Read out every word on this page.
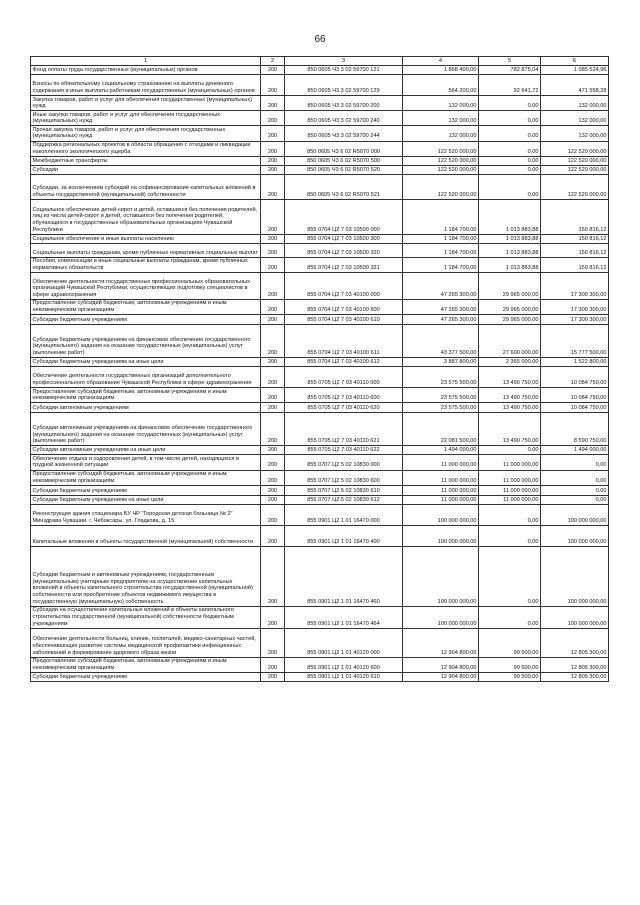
66
1	2	3	4	5	6
Фонд оплаты труда государственных (муниципальных) органов	200	850 0605 Ч3 3 02 59700 121	1 868 400,00	782 875,04	1 085 524,96
Взносы по обязательному социальному страхованию на выплаты денежного содержания и иные выплаты работникам государственных (муниципальных) органов	200	850 0605 Ч3 3 02 59700 129	564 200,00	92 641,72	471 558,28
Закупка товаров, работ и услуг для обеспечения государственных (муниципальных) нужд	200	850 0605 Ч3 3 02 59700 200	132 000,00	0,00	132 000,00
Иные закупки товаров, работ и услуг для обеспечения государственных (муниципальных) нужд	200	850 0605 Ч3 3 02 59700 240	132 000,00	0,00	132 000,00
Прочая закупка товаров, работ и услуг для обеспечения государственных (муниципальных) нужд	200	850 0605 Ч3 3 02 59700 244	132 000,00	0,00	132 000,00
Поддержка региональных проектов в области обращения с отходами и ликвидации накопленного экологического ущерба	200	850 0605 Ч3 6 02 R5070 000	122 520 000,00	0,00	122 520 000,00
Межбюджетные трансферты	200	850 0605 Ч3 6 02 R5070 500	122 520 000,00	0,00	122 520 000,00
Субсидии	200	850 0605 Ч3 6 02 R5070 520	122 520 000,00	0,00	122 520 000,00
Субсидии, за исключением субсидий на софинансирование капитальных вложений в объекты государственной (муниципальной) собственности	200	850 0605 Ч3 6 02 R5070 521	122 520 000,00	0,00	122 520 000,00
Социальное обеспечение детей-сирот и детей, оставшихся без попечения родителей, лиц из числа детей-сирот и детей, оставшихся без попечения родителей, обучающихся в государственных образовательных организациях Чувашской Республики	200	855 0704 Ц2 7 03 10500 000	1 184 700,00	1 013 883,88	150 816,12
Социальное обеспечение и иные выплаты населению	200	855 0704 Ц2 7 03 10500 300	1 184 700,00	1 013 883,88	150 816,12
Социальные выплаты гражданам, кроме публичных нормативных социальных выплат	200	855 0704 Ц2 7 03 10500 320	1 184 700,00	1 013 883,88	150 816,12
Пособия, компенсации и иные социальные выплаты гражданам, кроме публичных нормативных обязательств	200	855 0704 Ц2 7 03 10500 321	1 184 700,00	1 013 883,88	150 816,12
Обеспечение деятельности государственных профессиональных образовательных организаций Чувашской Республики, осуществляющих подготовку специалистов в сфере здравоохранения	200	855 0704 Ц2 7 03 40100 000	47 265 300,00	29 965 000,00	17 300 300,00
Предоставление субсидий бюджетным, автономным учреждениям и иным некоммерческим организациям	200	855 0704 Ц2 7 03 40100 600	47 265 300,00	29 965 000,00	17 300 300,00
Субсидии бюджетным учреждениям	200	855 0704 Ц2 7 03 40100 610	47 265 300,00	29 965 000,00	17 300 300,00
Субсидии бюджетным учреждениям на финансовое обеспечение государственного (муниципального) задания на оказание государственных (муниципальных) услуг (выполнение работ)	200	855 0704 Ц2 7 03 40100 611	43 377 500,00	27 600 000,00	15 777 500,00
Субсидии бюджетным учреждениям на иные цели	200	855 0704 Ц2 7 03 40100 612	3 887 800,00	2 365 000,00	1 522 800,00
Обеспечение деятельности государственных организаций дополнительного профессионального образования Чувашской Республики в сфере здравоохранения	200	855 0705 Ц2 7 03 40110 000	23 575 500,00	13 490 750,00	10 084 750,00
Предоставление субсидий бюджетным, автономным учреждениям и иным некоммерческим организациям	200	855 0705 Ц2 7 03 40110 600	23 575 500,00	13 490 750,00	10 084 750,00
Субсидии автономным учреждениям	200	855 0705 Ц2 7 03 40110 620	23 575 500,00	13 490 750,00	10 084 750,00
Субсидии автономным учреждениям на финансовое обеспечение государственного (муниципального) задания на оказание государственных (муниципальных) услуг (выполнение работ)	200	855 0705 Ц2 7 03 40110 621	22 081 500,00	13 490 750,00	8 590 750,00
Субсидии автономным учреждениям на иные цели	200	855 0705 Ц2 7 03 40110 622	1 494 000,00	0,00	1 494 000,00
Обеспечение отдыха и оздоровления детей, в том числе детей, находящихся в трудной жизненной ситуации	200	855 0707 Ц2 5 02 10830 000	11 000 000,00	11 000 000,00	0,00
Предоставление субсидий бюджетным, автономным учреждениям и иным некоммерческим организациям	200	855 0707 Ц2 5 02 10830 600	11 000 000,00	11 000 000,00	0,00
Субсидии бюджетным учреждениям	200	855 0707 Ц2 5 02 10830 610	11 000 000,00	11 000 000,00	0,00
Субсидии бюджетным учреждениям на иные цели	200	855 0707 Ц2 5 02 10830 612	11 000 000,00	11 000 000,00	0,00
Реконструкция здания стационара БУ ЧР "Городская детская больница № 2" Минздрава Чувашии, г. Чебоксары, ул. Гладкова, д. 15	200	855 0901 Ц2 1 01 16470 000	100 000 000,00	0,00	100 000 000,00
Капитальные вложения в объекты государственной (муниципальной) собственности	200	855 0901 Ц2 1 01 16470 400	100 000 000,00	0,00	100 000 000,00
Субсидии бюджетным и автономным учреждениям, государственным (муниципальным) унитарным предприятиям на осуществление капитальных вложений в объекты капитального строительства государственной (муниципальной) собственности или приобретение объектов недвижимого имущества в государственную (муниципальную) собственность	200	855 0901 Ц2 1 01 16470 460	100 000 000,00	0,00	100 000 000,00
Субсидии на осуществление капитальных вложений в объекты капитального строительства государственной (муниципальной) собственности бюджетным учреждениям	200	855 0901 Ц2 1 01 16470 464	100 000 000,00	0,00	100 000 000,00
Обеспечение деятельности больниц, клиник, госпиталей, медико-санитарных частей, обеспечивающих развитие системы медицинской профилактики инфекционных заболеваний и формирование здорового образа жизни	200	855 0901 Ц2 1 01 40120 000	12 904 800,00	99 500,00	12 805 300,00
Предоставление субсидий бюджетным, автономным учреждениям и иным некоммерческим организациям	200	855 0901 Ц2 1 01 40120 600	12 904 800,00	99 500,00	12 805 300,00
Субсидии бюджетным учреждениям	200	855 0901 Ц2 1 01 40120 610	12 904 800,00	99 500,00	12 805 300,00
